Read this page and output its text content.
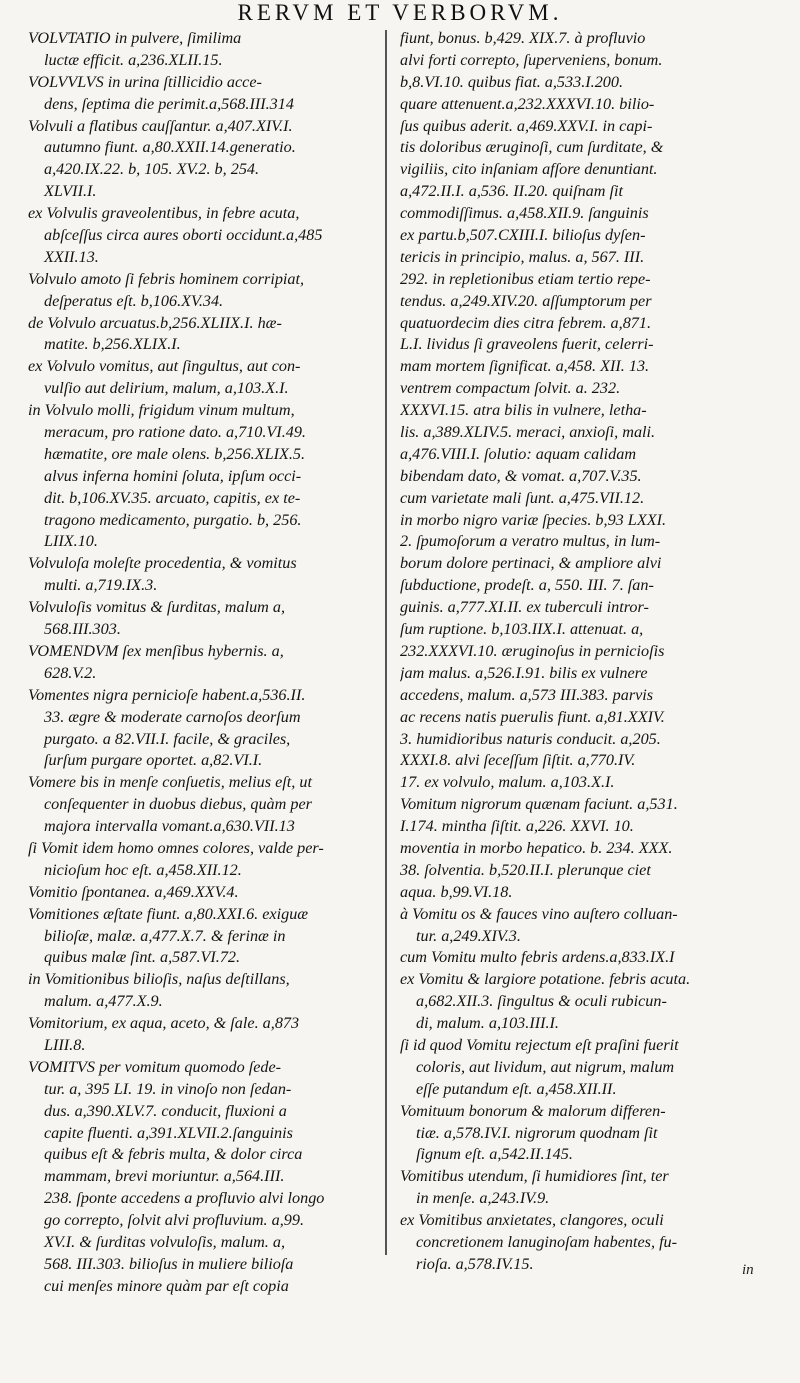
RERVM ET VERBORVM.
VOLVTATIO in pulvere, ſimilima
luctæ efficit. a,236.XLII.15.
VOLVVLVS in urina ſtillicidio acce-
dens, ſeptima die perimit.a,568.III.314
Volvuli a flatibus cauſſantur. a,407.XIV.I.
autumno fiunt. a,80.XXII.14.generatio.
a,420.IX.22. b, 105. XV.2. b, 254.
XLVII.I.
ex Volvulis graveolentibus, in febre acuta,
abſceſſus circa aures oborti occidunt.a,485
XXII.13.
Volvulo amoto ſi febris hominem corripiat,
deſperatus eſt. b,106.XV.34.
de Volvulo arcuatus.b,256.XLIIX.I. hæ-
matite. b,256.XLIX.I.
ex Volvulo vomitus, aut ſingultus, aut con-
vulſio aut delirium, malum, a,103.X.I.
in Volvulo molli, frigidum vinum multum,
meracum, pro ratione dato. a,710.VI.49.
hæmatite, ore male olens. b,256.XLIX.5.
alvus inferna homini ſoluta, ipſum occi-
dit. b,106.XV.35. arcuato, capitis, ex te-
tragono medicamento, purgatio. b, 256.
LIIX.10.
Volvuloſa moleſte procedentia, & vomitus
multi. a,719.IX.3.
Volvuloſis vomitus & ſurditas, malum a,
568.III.303.
VOMENDVM ſex menſibus hybernis. a,
628.V.2.
Vomentes nigra pernicioſe habent.a,536.II.
33. ægre & moderate carnoſos deorſum
purgato. a 82.VII.I. facile, & graciles,
ſurſum purgare oportet. a,82.VI.I.
Vomere bis in menſe conſuetis, melius eſt, ut
conſequenter in duobus diebus, quàm per
majora intervalla vomant.a,630.VII.13
ſi Vomit idem homo omnes colores, valde per-
nicioſum hoc eſt. a,458.XII.12.
Vomitio ſpontanea. a,469.XXV.4.
Vomitiones æſtate fiunt. a,80.XXI.6. exiguæ
bilioſæ, malæ. a,477.X.7. & ferinæ in
quibus malæ ſint. a,587.VI.72.
in Vomitionibus bilioſis, naſus deſtillans,
malum. a,477.X.9.
Vomitorium, ex aqua, aceto, & ſale. a,873
LIII.8.
VOMITVS per vomitum quomodo ſede-
tur. a, 395 LI. 19. in vinoſo non ſedan-
dus. a,390.XLV.7. conducit, fluxioni a
capite fluenti. a,391.XLVII.2.ſanguinis
quibus eſt & febris multa, & dolor circa
mammam, brevi moriuntur. a,564.III.
238. ſponte accedens a profluvio alvi longo
go correpto, ſolvit alvi profluvium. a,99.
XV.I. & ſurditas volvuloſis, malum. a,
568. III.303. bilioſus in muliere bilioſa
cui menſes minore quàm par eſt copia
fiunt, bonus. b,429. XIX.7. à profluvio
alvi forti correpto, ſuperveniens, bonum.
b,8.VI.10. quibus fiat. a,533.I.200.
quare attenuent.a,232.XXXVI.10. bilio-
ſus quibus aderit. a,469.XXV.I. in capi-
tis doloribus æruginoſi, cum ſurditate, &
vigiliis, cito inſaniam afſore denuntiant.
a,472.II.I. a,536. II.20. quiſnam ſit
commodiſſimus. a,458.XII.9. ſanguinis
ex partu.b,507.CXIII.I. bilioſus dyſen-
tericis in principio, malus. a, 567. III.
292. in repletionibus etiam tertio repe-
tendus. a,249.XIV.20. aſſumptorum per
quatuordecim dies citra febrem. a,871.
L.I. lividus ſi graveolens fuerit, celerri-
mam mortem ſignificat. a,458. XII. 13.
ventrem compactum ſolvit. a. 232.
XXXVI.15. atra bilis in vulnere, letha-
lis. a,389.XLIV.5. meraci, anxioſi, mali.
a,476.VIII.I. ſolutio: aquam calidam
bibendam dato, & vomat. a,707.V.35.
cum varietate mali ſunt. a,475.VII.12.
in morbo nigro variæ ſpecies. b,93 LXXI.
2. ſpumoſorum a veratro multus, in lum-
borum dolore pertinaci, & ampliore alvi
ſubductione, prodeſt. a, 550. III. 7. ſan-
guinis. a,777.XI.II. ex tuberculi intror-
ſum ruptione. b,103.IIX.I. attenuat. a,
232.XXXVI.10. æruginoſus in pernicioſis
jam malus. a,526.I.91. bilis ex vulnere
accedens, malum. a,573 III.383. parvis
ac recens natis puerulis fiunt. a,81.XXIV.
3. humidioribus naturis conducit. a,205.
XXXI.8. alvi ſeceſſum ſiſtit. a,770.IV.
17. ex volvulo, malum. a,103.X.I.
Vomitum nigrorum quænam faciunt. a,531.
I.174. mintha ſiſtit. a,226. XXVI. 10.
moventia in morbo hepatico. b. 234. XXX.
38. ſolventia. b,520.II.I. plerunque ciet
aqua. b,99.VI.18.
à Vomitu os & fauces vino auſtero colluan-
tur. a,249.XIV.3.
cum Vomitu multo febris ardens.a,833.IX.I
ex Vomitu & largiore potatione. febris acuta.
a,682.XII.3. ſingultus & oculi rubicun-
di, malum. a,103.III.I.
ſi id quod Vomitu rejectum eſt praſini fuerit
coloris, aut lividum, aut nigrum, malum
eſſe putandum eſt. a,458.XII.II.
Vomituum bonorum & malorum differen-
tiæ. a,578.IV.I. nigrorum quodnam ſit
ſignum eſt. a,542.II.145.
Vomitibus utendum, ſi humidiores ſint, ter
in menſe. a,243.IV.9.
ex Vomitibus anxietates, clangores, oculi
concretionem lanuginoſam habentes, fu-
rioſa. a,578.IV.15.	in
